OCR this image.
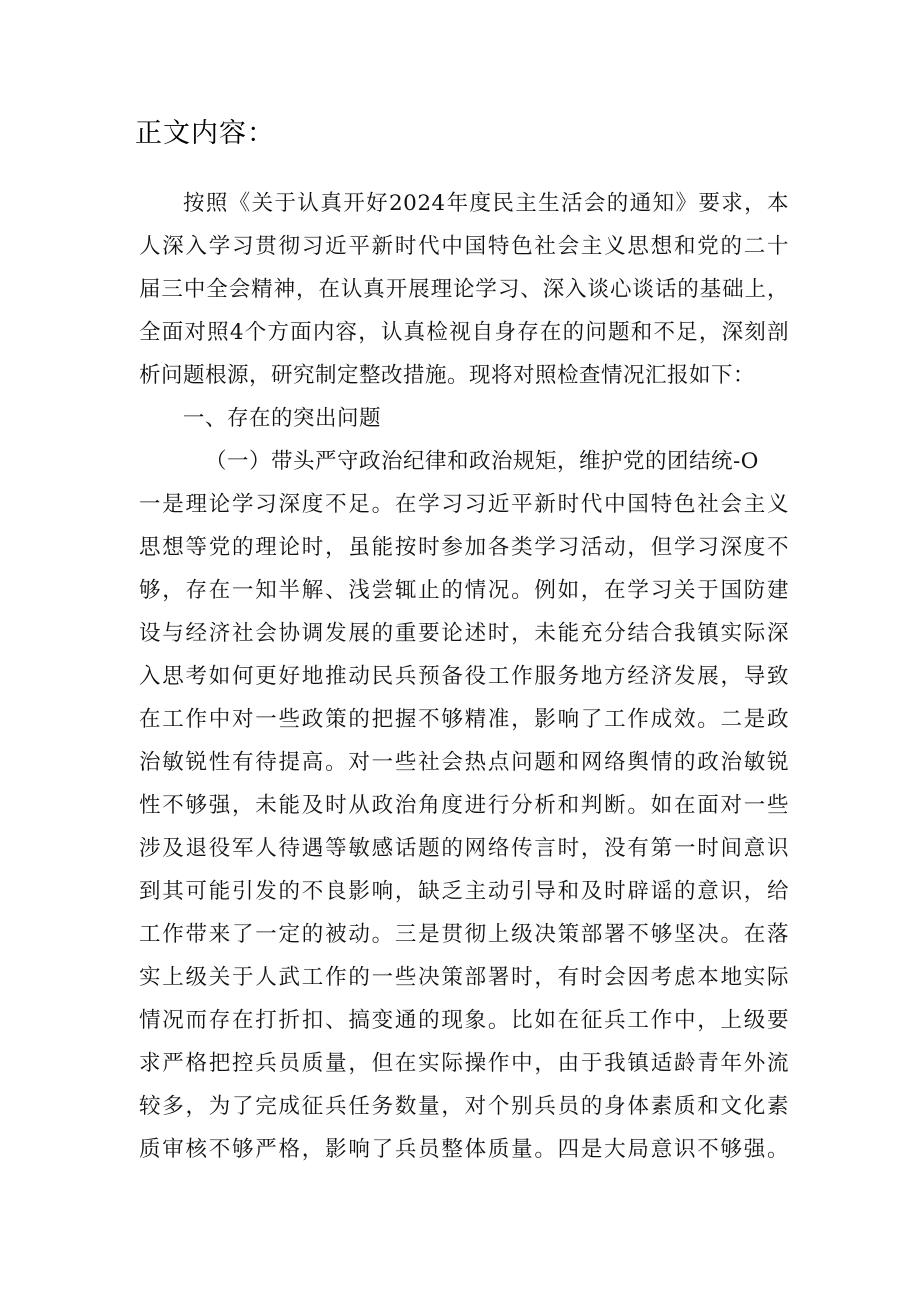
正文内容：
按照《关于认真开好2024年度民主生活会的通知》要求，本
人深入学习贯彻习近平新时代中国特色社会主义思想和党的二十
届三中全会精神，在认真开展理论学习、深入谈心谈话的基础上，
全面对照4个方面内容，认真检视自身存在的问题和不足，深刻剖
析问题根源，研究制定整改措施。现将对照检查情况汇报如下：
一、存在的突出问题
（一）带头严守政治纪律和政治规矩，维护党的团结统-O
一是理论学习深度不足。在学习习近平新时代中国特色社会主义
思想等党的理论时，虽能按时参加各类学习活动，但学习深度不
够，存在一知半解、浅尝辄止的情况。例如，在学习关于国防建
设与经济社会协调发展的重要论述时，未能充分结合我镇实际深
入思考如何更好地推动民兵预备役工作服务地方经济发展，导致
在工作中对一些政策的把握不够精准，影响了工作成效。二是政
治敏锐性有待提高。对一些社会热点问题和网络舆情的政治敏锐
性不够强，未能及时从政治角度进行分析和判断。如在面对一些
涉及退役军人待遇等敏感话题的网络传言时，没有第一时间意识
到其可能引发的不良影响，缺乏主动引导和及时辟谣的意识，给
工作带来了一定的被动。三是贯彻上级决策部署不够坚决。在落
实上级关于人武工作的一些决策部署时，有时会因考虑本地实际
情况而存在打折扣、搞变通的现象。比如在征兵工作中，上级要
求严格把控兵员质量，但在实际操作中，由于我镇适龄青年外流
较多，为了完成征兵任务数量，对个别兵员的身体素质和文化素
质审核不够严格，影响了兵员整体质量。四是大局意识不够强。
